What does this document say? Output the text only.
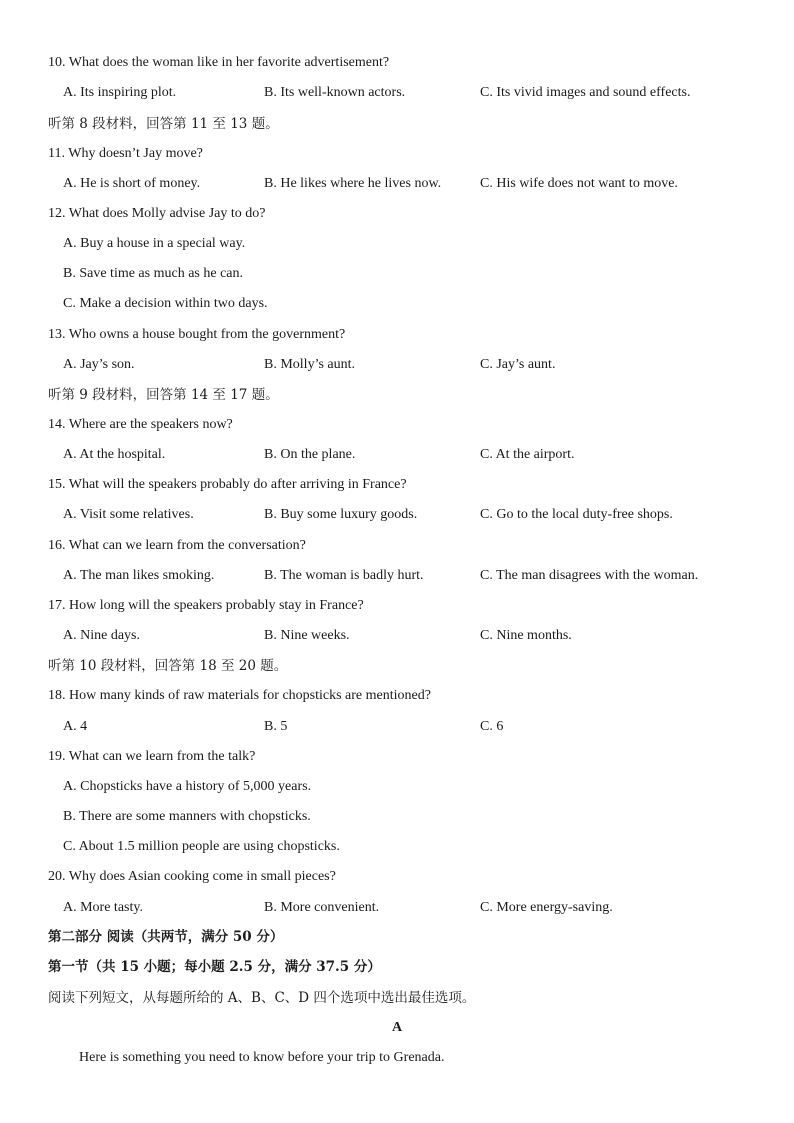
10. What does the woman like in her favorite advertisement?
A. Its inspiring plot.	B. Its well-known actors.	C. Its vivid images and sound effects.
听第 8 段材料，回答第 11 至 13 题。
11. Why doesn’t Jay move?
A. He is short of money.	B. He likes where he lives now.	C. His wife does not want to move.
12. What does Molly advise Jay to do?
A. Buy a house in a special way.
B. Save time as much as he can.
C. Make a decision within two days.
13. Who owns a house bought from the government?
A. Jay’s son.	B. Molly’s aunt.	C. Jay’s aunt.
听第 9 段材料，回答第 14 至 17 题。
14. Where are the speakers now?
A. At the hospital.	B. On the plane.	C. At the airport.
15. What will the speakers probably do after arriving in France?
A. Visit some relatives.	B. Buy some luxury goods.	C. Go to the local duty-free shops.
16. What can we learn from the conversation?
A. The man likes smoking.	B. The woman is badly hurt.	C. The man disagrees with the woman.
17. How long will the speakers probably stay in France?
A. Nine days.	B. Nine weeks.	C. Nine months.
听第 10 段材料，回答第 18 至 20 题。
18. How many kinds of raw materials for chopsticks are mentioned?
A. 4	B. 5	C. 6
19. What can we learn from the talk?
A. Chopsticks have a history of 5,000 years.
B. There are some manners with chopsticks.
C. About 1.5 million people are using chopsticks.
20. Why does Asian cooking come in small pieces?
A. More tasty.	B. More convenient.	C. More energy-saving.
第二部分 阅读（共两节，满分 50 分）
第一节（共 15 小题；每小题 2.5 分，满分 37.5 分）
阅读下列短文，从每题所给的 A、B、C、D 四个选项中选出最佳选项。
A
Here is something you need to know before your trip to Grenada.
